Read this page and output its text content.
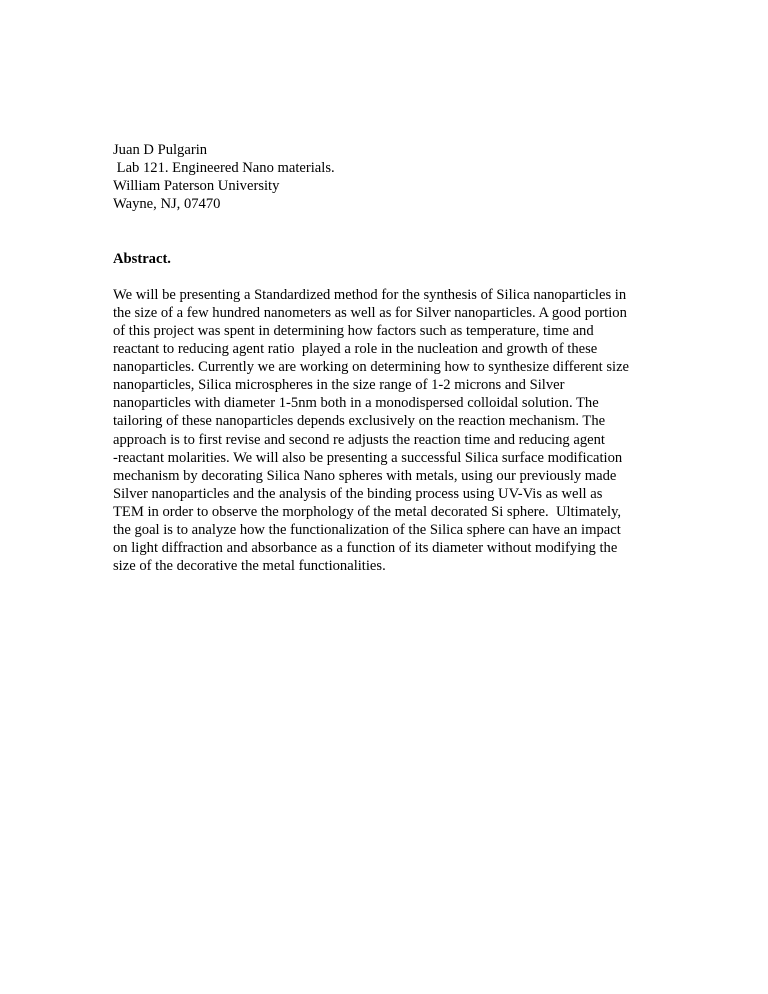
Juan D Pulgarin
Lab 121. Engineered Nano materials.
William Paterson University
Wayne, NJ, 07470
Abstract.
We will be presenting a Standardized method for the synthesis of Silica nanoparticles in
the size of a few hundred nanometers as well as for Silver nanoparticles. A good portion
of this project was spent in determining how factors such as temperature, time and
reactant to reducing agent ratio  played a role in the nucleation and growth of these
nanoparticles. Currently we are working on determining how to synthesize different size
nanoparticles, Silica microspheres in the size range of 1-2 microns and Silver
nanoparticles with diameter 1-5nm both in a monodispersed colloidal solution. The
tailoring of these nanoparticles depends exclusively on the reaction mechanism. The
approach is to first revise and second re adjusts the reaction time and reducing agent
-reactant molarities. We will also be presenting a successful Silica surface modification
mechanism by decorating Silica Nano spheres with metals, using our previously made
Silver nanoparticles and the analysis of the binding process using UV-Vis as well as
TEM in order to observe the morphology of the metal decorated Si sphere.  Ultimately,
the goal is to analyze how the functionalization of the Silica sphere can have an impact
on light diffraction and absorbance as a function of its diameter without modifying the
size of the decorative the metal functionalities.
